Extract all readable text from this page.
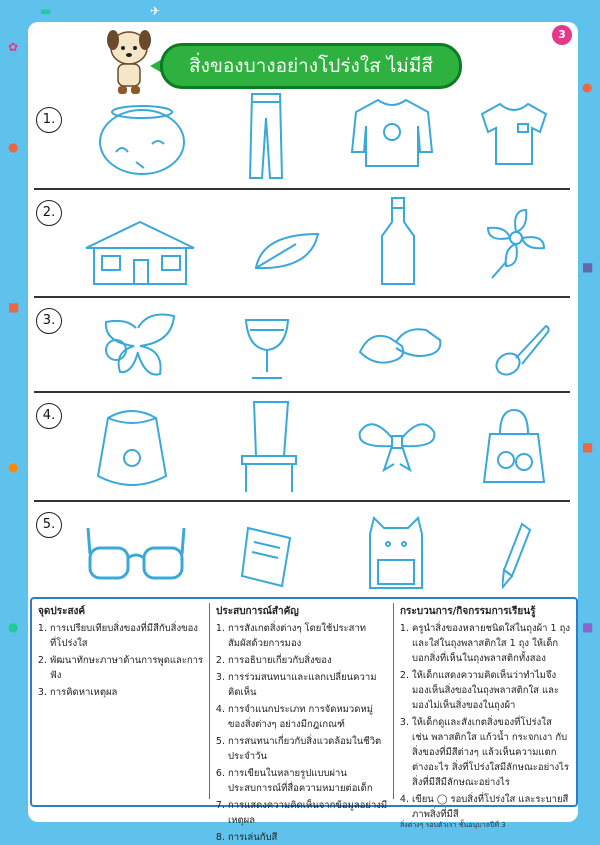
3
✿
●
■
●
●
●
■
■
■
✈
▬
สิ่งของบางอย่างโปร่งใส ไม่มีสี
1.
2.
3.
4.
5.
จุดประสงค์
1. การเปรียบเทียบสิ่งของที่มีสีกับสิ่งของที่โปร่งใส
2. พัฒนาทักษะภาษาด้านการพูดและการฟัง
3. การคิดหาเหตุผล
ประสบการณ์สำคัญ
1. การสังเกตสิ่งต่างๆ โดยใช้ประสาทสัมผัสด้วยการมอง
2. การอธิบายเกี่ยวกับสิ่งของ
3. การร่วมสนทนาและแลกเปลี่ยนความคิดเห็น
4. การจำแนกประเภท การจัดหมวดหมู่ของสิ่งต่างๆ อย่างมีกฎเกณฑ์
5. การสนทนาเกี่ยวกับสิ่งแวดล้อมในชีวิตประจำวัน
6. การเขียนในหลายรูปแบบผ่านประสบการณ์ที่สื่อความหมายต่อเด็ก
7. การแสดงความคิดเห็นจากข้อมูลอย่างมีเหตุผล
8. การเล่นกับสี
กระบวนการ/กิจกรรมการเรียนรู้
1. ครูนำสิ่งของหลายชนิดใส่ในถุงผ้า 1 ถุง และใส่ในถุงพลาสติกใส 1 ถุง ให้เด็กบอกสิ่งที่เห็นในถุงพลาสติกทั้งสอง
2. ให้เด็กแสดงความคิดเห็นว่าทำไมจึงมองเห็นสิ่งของในถุงพลาสติกใส และมองไม่เห็นสิ่งของในถุงผ้า
3. ให้เด็กดูและสังเกตสิ่งของที่โปร่งใส เช่น พลาสติกใส แก้วน้ำ กระจกเงา กับสิ่งของที่มีสีต่างๆ แล้วเห็นความแตกต่างอะไร สิ่งที่โปร่งใสมีลักษณะอย่างไร สิ่งที่มีสีมีลักษณะอย่างไร
4. เขียน ◯ รอบสิ่งที่โปร่งใส และระบายสีภาพสิ่งที่มีสี
สิ่งต่างๆ รอบตัวเรา ชั้นอนุบาลปีที่ 3
